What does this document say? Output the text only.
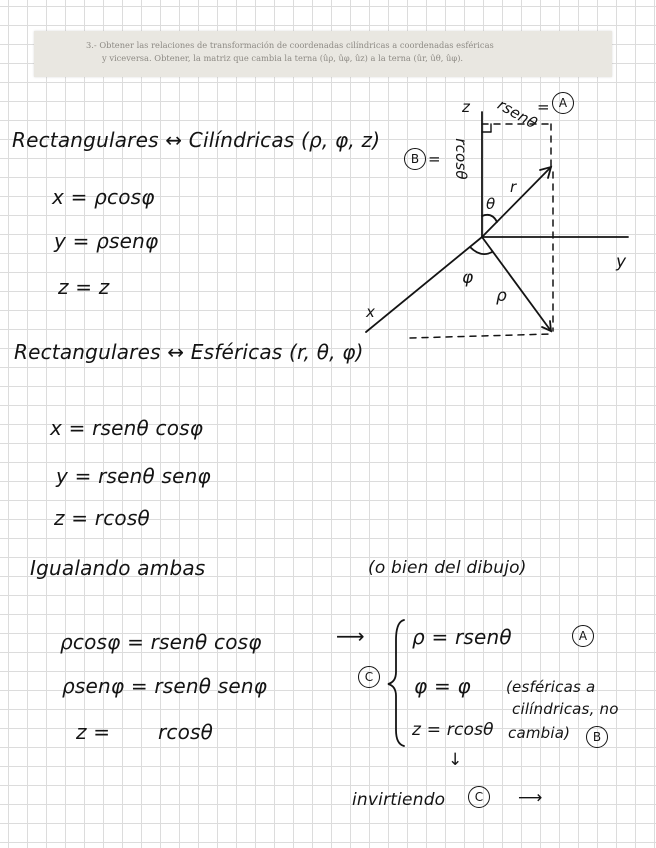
3.- Obtener las relaciones de transformación de coordenadas cilíndricas a coordenadas esféricas
y viceversa. Obtener, la matriz que cambia la terna (ûρ, ûφ, ûz) a la terna (ûr, ûθ, ûφ).
Rectangulares ↔ Cilíndricas (ρ, φ, z)
x = ρcosφ
y = ρsenφ
z = z
z rsenθ
= A
B = rcosθ
θ
r
y
φ
ρ
x
Rectangulares ↔ Esféricas (r, θ, φ)
x = rsenθ cosφ
y = rsenθ senφ
z = rcosθ
Igualando ambas	(o bien del dibujo)
ρcosφ = rsenθ cosφ
ρsenφ = rsenθ senφ
z = rcosθ
⟶
C
ρ = rsenθ	A
φ = φ
z = rcosθ
(esféricas a
cilíndricas, no
cambia) B
↓
invirtiendo C ⟶
